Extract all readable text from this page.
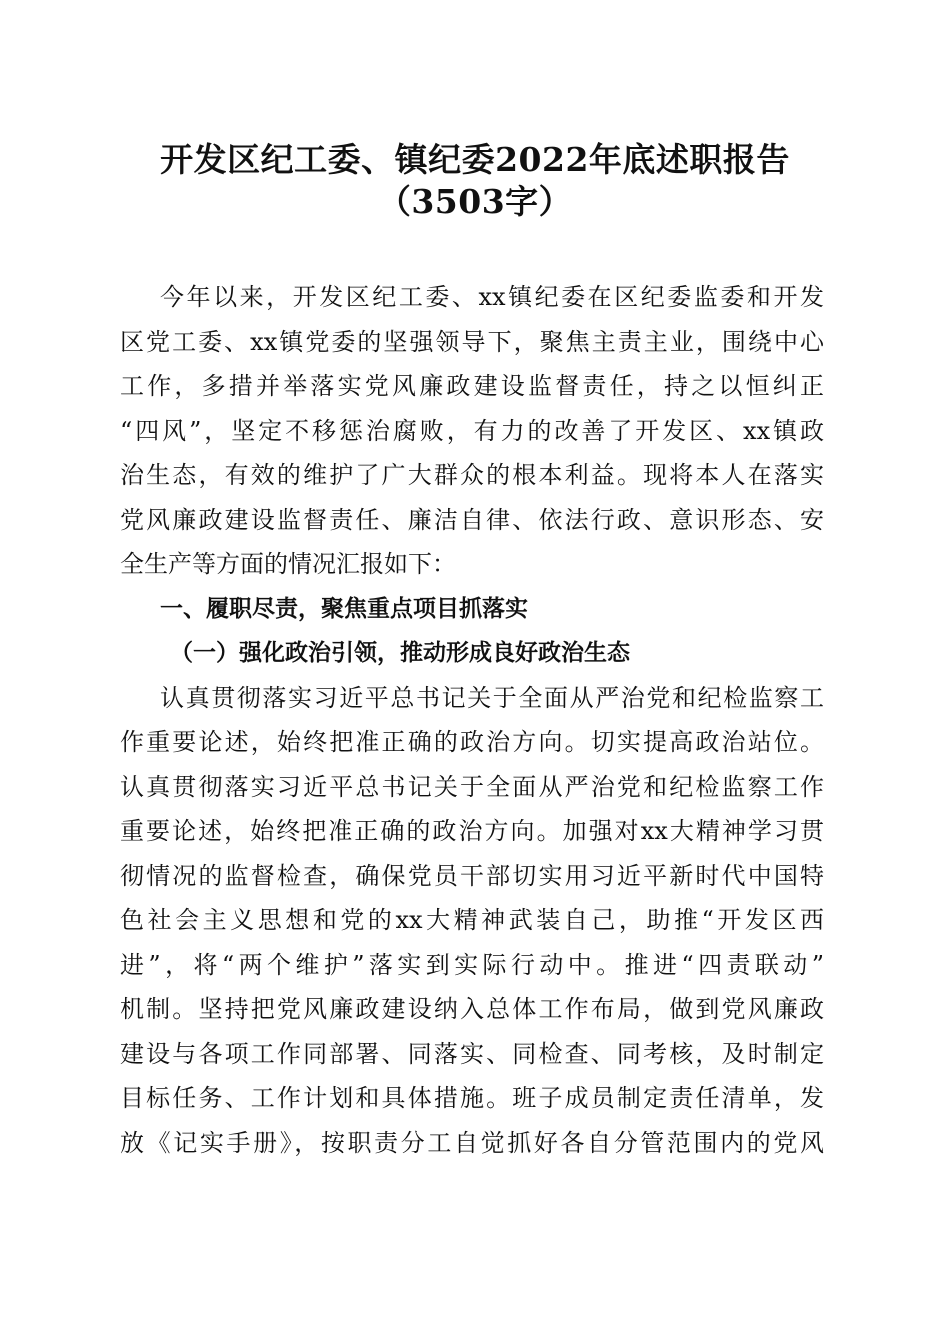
开发区纪工委、镇纪委2022年底述职报告
（3503字）
今年以来，开发区纪工委、xx镇纪委在区纪委监委和开发
区党工委、xx镇党委的坚强领导下，聚焦主责主业，围绕中心
工作，多措并举落实党风廉政建设监督责任，持之以恒纠正
“四风”，坚定不移惩治腐败，有力的改善了开发区、xx镇政
治生态，有效的维护了广大群众的根本利益。现将本人在落实
党风廉政建设监督责任、廉洁自律、依法行政、意识形态、安
全生产等方面的情况汇报如下：
一、履职尽责，聚焦重点项目抓落实
（一）强化政治引领，推动形成良好政治生态
认真贯彻落实习近平总书记关于全面从严治党和纪检监察工
作重要论述，始终把准正确的政治方向。切实提高政治站位。
认真贯彻落实习近平总书记关于全面从严治党和纪检监察工作
重要论述，始终把准正确的政治方向。加强对xx大精神学习贯
彻情况的监督检查，确保党员干部切实用习近平新时代中国特
色社会主义思想和党的xx大精神武装自己，助推“开发区西
进”，将“两个维护”落实到实际行动中。推进“四责联动”
机制。坚持把党风廉政建设纳入总体工作布局，做到党风廉政
建设与各项工作同部署、同落实、同检查、同考核，及时制定
目标任务、工作计划和具体措施。班子成员制定责任清单，发
放《记实手册》，按职责分工自觉抓好各自分管范围内的党风
